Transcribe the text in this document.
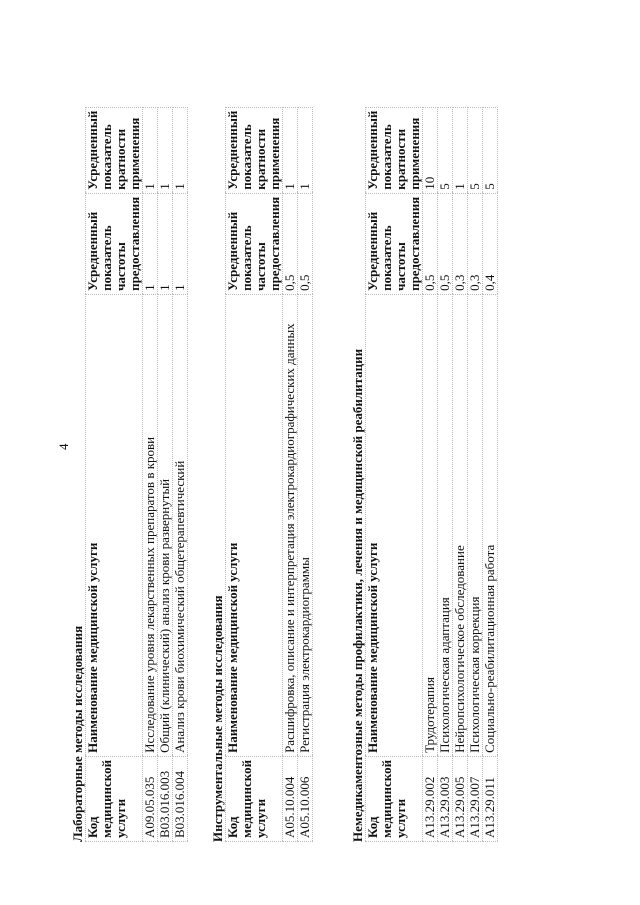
4
Лабораторные методы исследования Код медицинской услуги	Наименование медицинской услуги	Усредненный показатель частоты предоставления	Усредненный показатель кратности применения
A09.05.035	Исследование уровня лекарственных препаратов в крови	1	1
B03.016.003	Общий (клинический) анализ крови развернутый	1	1
B03.016.004	Анализ крови биохимический общетерапевтический	1	1
Инструментальные методы исследования Код медицинской услуги	Наименование медицинской услуги	Усредненный показатель частоты предоставления	Усредненный показатель кратности применения
A05.10.004	Расшифровка, описание и интерпретация электрокардиографических данных	0,5	1
A05.10.006	Регистрация электрокардиограммы	0,5	1
Немедикаментозные методы профилактики, лечения и медицинской реабилитации Код медицинской услуги	Наименование медицинской услуги	Усредненный показатель частоты предоставления	Усредненный показатель кратности применения
A13.29.002	Трудотерапия	0,5	10
A13.29.003	Психологическая адаптация	0,5	5
A13.29.005	Нейропсихологическое обследование	0,3	1
A13.29.007	Психологическая коррекция	0,3	5
A13.29.011	Социально-реабилитационная работа	0,4	5
